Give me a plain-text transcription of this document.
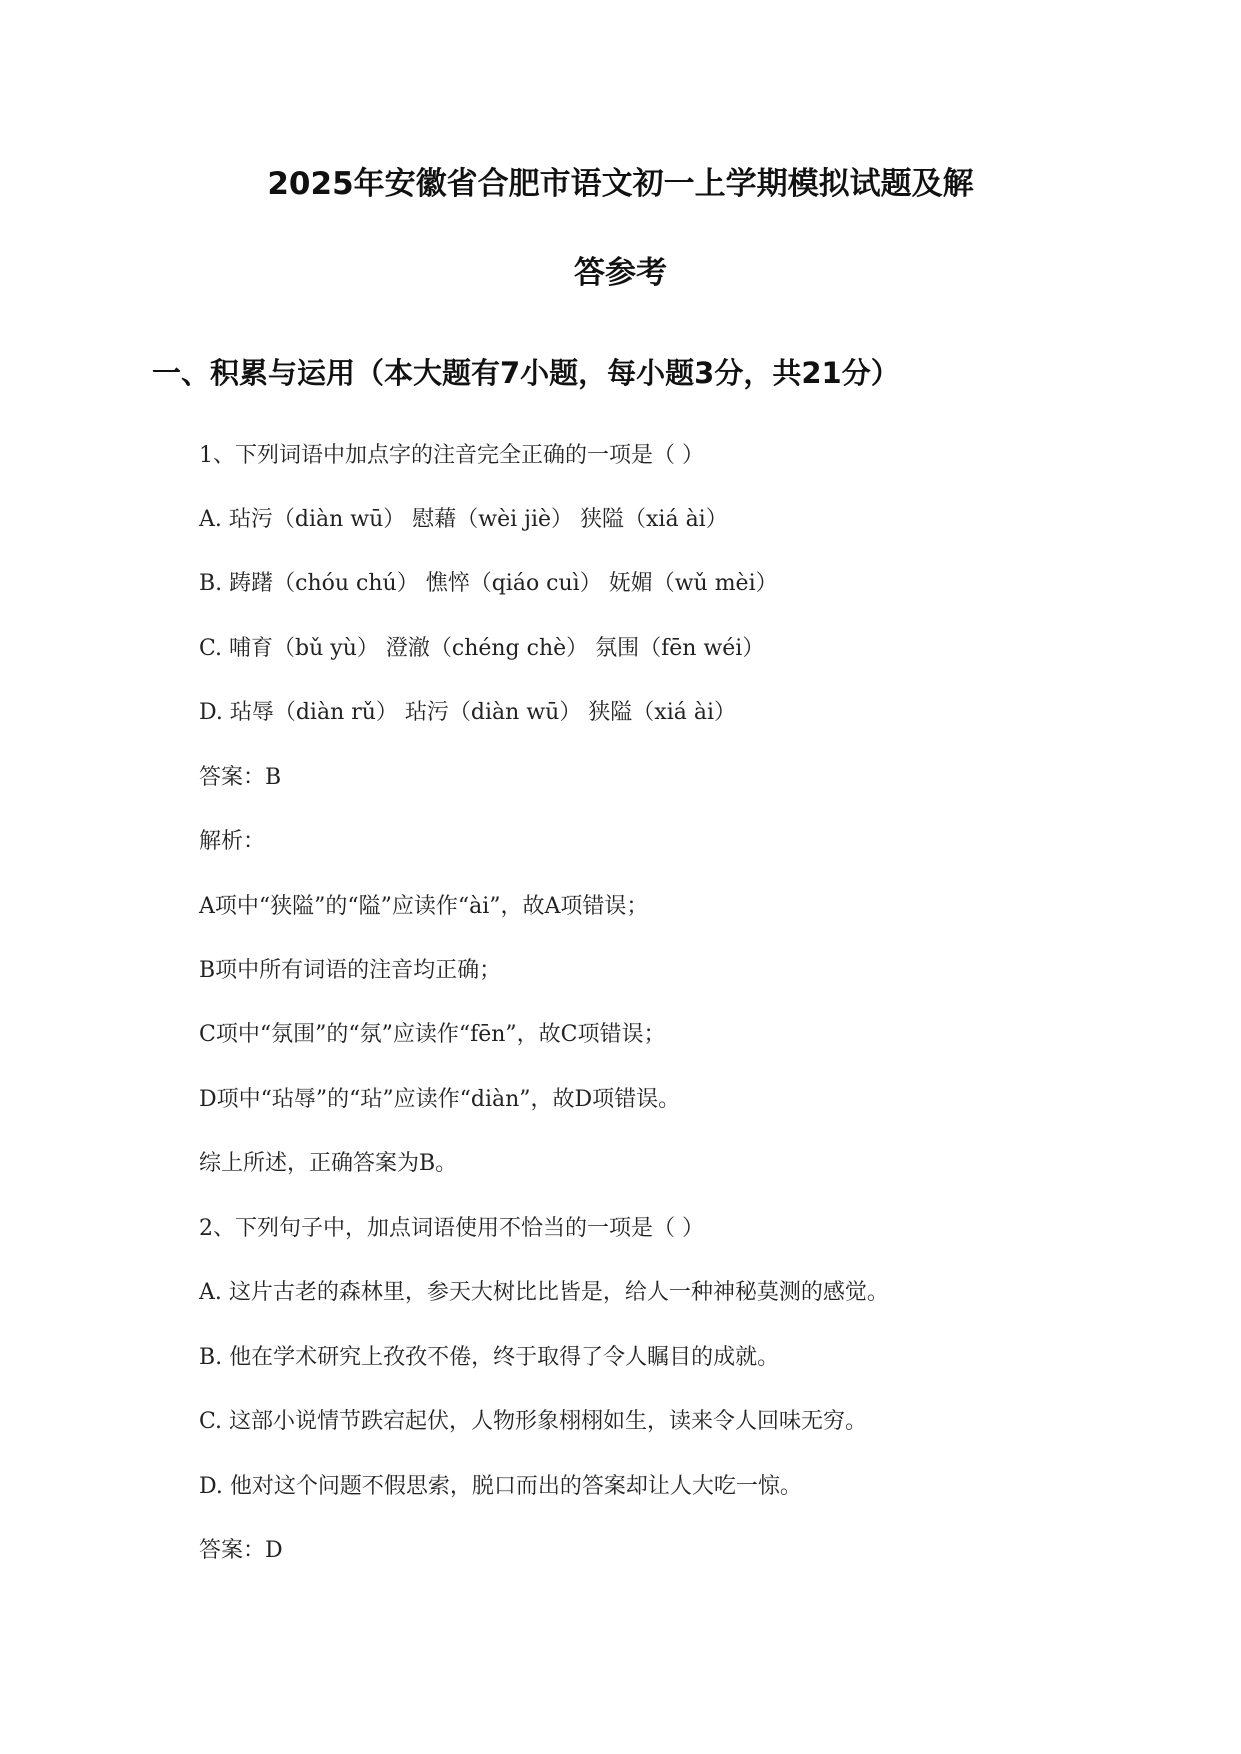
2025年安徽省合肥市语文初一上学期模拟试题及解
答参考
一、积累与运用（本大题有7小题，每小题3分，共21分）
1、下列词语中加点字的注音完全正确的一项是（ ）
A. 玷污（diàn wū） 慰藉（wèi jiè） 狭隘（xiá ài）
B. 踌躇（chóu chú） 憔悴（qiáo cuì） 妩媚（wǔ mèi）
C. 哺育（bǔ yù） 澄澈（chéng chè） 氛围（fēn wéi）
D. 玷辱（diàn rǔ） 玷污（diàn wū） 狭隘（xiá ài）
答案：B
解析：
A项中“狭隘”的“隘”应读作“ài”，故A项错误；
B项中所有词语的注音均正确；
C项中“氛围”的“氛”应读作“fēn”，故C项错误；
D项中“玷辱”的“玷”应读作“diàn”，故D项错误。
综上所述，正确答案为B。
2、下列句子中，加点词语使用不恰当的一项是（ ）
A. 这片古老的森林里，参天大树比比皆是，给人一种神秘莫测的感觉。
B. 他在学术研究上孜孜不倦，终于取得了令人瞩目的成就。
C. 这部小说情节跌宕起伏，人物形象栩栩如生，读来令人回味无穷。
D. 他对这个问题不假思索，脱口而出的答案却让人大吃一惊。
答案：D
